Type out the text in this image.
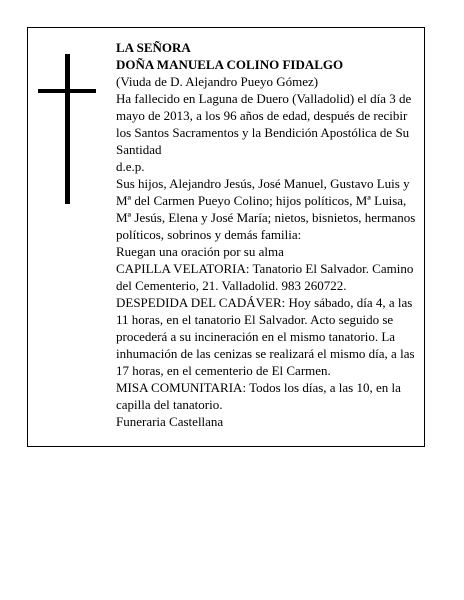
LA SEÑORA

DOÑA MANUELA COLINO FIDALGO

(Viuda de D. Alejandro Pueyo Gómez)

Ha fallecido en Laguna de Duero (Valladolid) el día 3 de mayo de 2013, a los 96 años de edad, después de recibir los Santos Sacramentos y la Bendición Apostólica de Su Santidad

d.e.p.

Sus hijos, Alejandro Jesús, José Manuel, Gustavo Luis y Mª del Carmen Pueyo Colino; hijos políticos, Mª Luisa, Mª Jesús, Elena y José María; nietos, bisnietos, hermanos políticos, sobrinos y demás familia:

Ruegan una oración por su alma

CAPILLA VELATORIA: Tanatorio El Salvador. Camino del Cementerio, 21. Valladolid. 983 260722.

DESPEDIDA DEL CADÁVER: Hoy sábado, día 4, a las 11 horas, en el tanatorio El Salvador. Acto seguido se procederá a su incineración en el mismo tanatorio. La inhumación de las cenizas se realizará el mismo día, a las 17 horas, en el cementerio de El Carmen.

MISA COMUNITARIA: Todos los días, a las 10, en la capilla del tanatorio.

Funeraria Castellana
